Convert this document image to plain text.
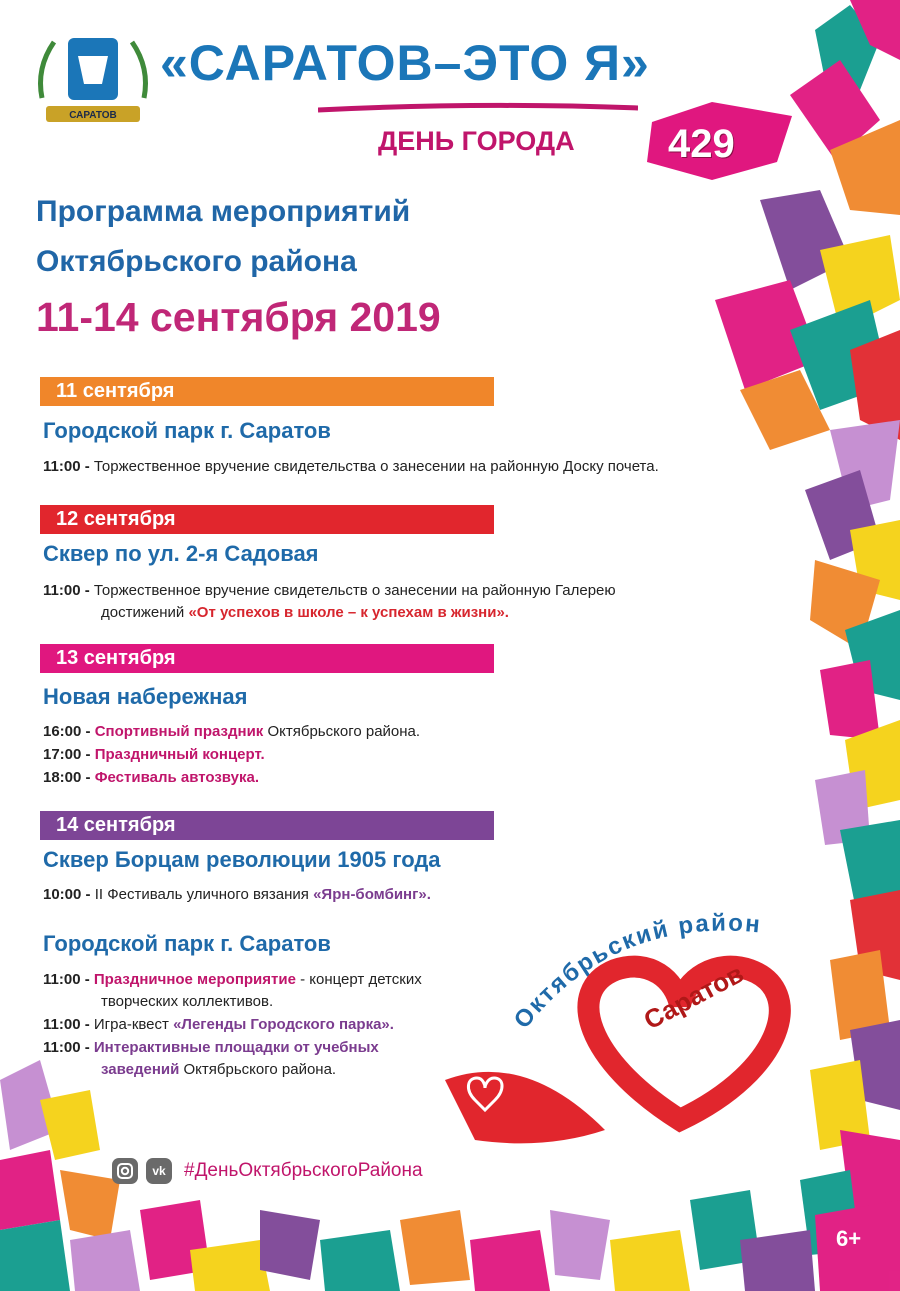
САРАТОВ
«САРАТОВ–ЭТО Я»
ДЕНЬ ГОРОДА 429
Программа мероприятий
Октябрьского района
11-14 сентября 2019
11 сентября
Городской парк г. Саратов
11:00 - Торжественное вручение свидетельства о занесении на районную Доску почета.
12 сентября
Сквер по ул. 2-я Садовая
11:00 - Торжественное вручение свидетельств о занесении на районную Галерею
достижений «От успехов в школе – к успехам в жизни».
13 сентября
Новая набережная
16:00 - Спортивный праздник Октябрьского района.
17:00 - Праздничный концерт.
18:00 - Фестиваль автозвука.
14 сентября
Сквер Борцам революции 1905 года
10:00 - II Фестиваль уличного вязания «Ярн-бомбинг».
Городской парк г. Саратов
11:00 - Праздничное мероприятие - концерт детских
творческих коллективов.
11:00 - Игра-квест «Легенды Городского парка».
11:00 - Интерактивные площадки от учебных
заведений Октябрьского района.
Октябрьский район
Саратов
vk #ДеньОктябрьскогоРайона
6+
